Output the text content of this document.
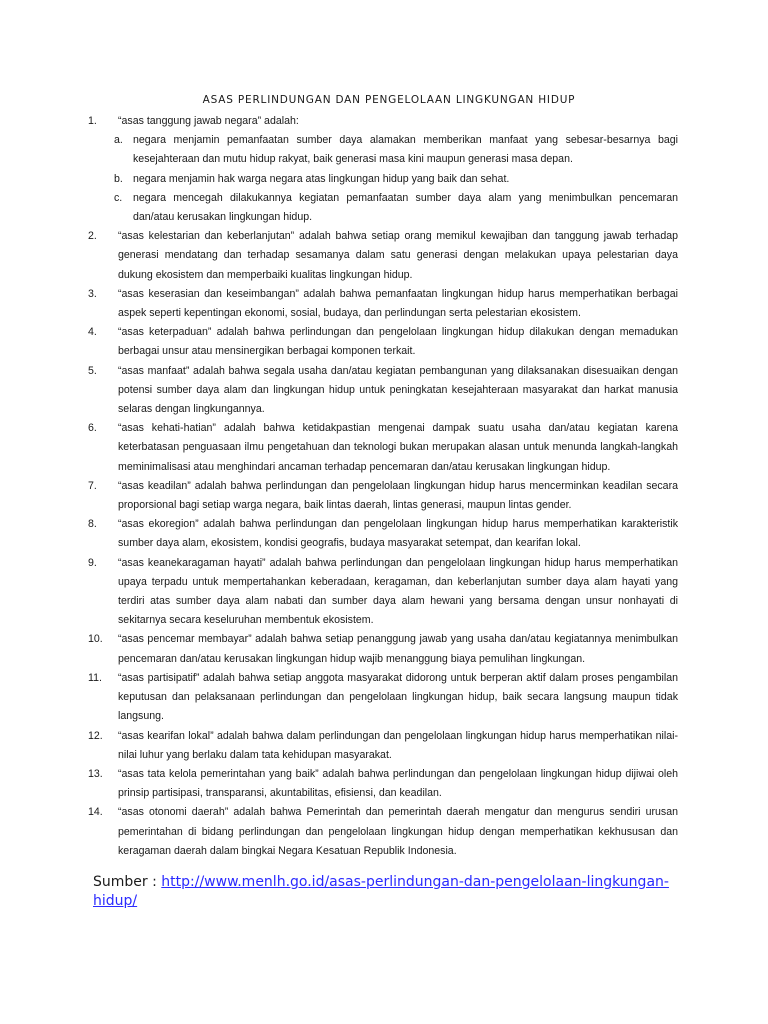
ASAS PERLINDUNGAN DAN PENGELOLAAN LINGKUNGAN HIDUP
1. “asas tanggung jawab negara” adalah:
a. negara menjamin pemanfaatan sumber daya alamakan memberikan manfaat yang sebesar-besarnya bagi kesejahteraan dan mutu hidup rakyat, baik generasi masa kini maupun generasi masa depan.
b. negara menjamin hak warga negara atas lingkungan hidup yang baik dan sehat.
c. negara mencegah dilakukannya kegiatan pemanfaatan sumber daya alam yang menimbulkan pencemaran dan/atau kerusakan lingkungan hidup.
2. “asas kelestarian dan keberlanjutan” adalah bahwa setiap orang memikul kewajiban dan tanggung jawab terhadap generasi mendatang dan terhadap sesamanya dalam satu generasi dengan melakukan upaya pelestarian daya dukung ekosistem dan memperbaiki kualitas lingkungan hidup.
3. “asas keserasian dan keseimbangan” adalah bahwa pemanfaatan lingkungan hidup harus memperhatikan berbagai aspek seperti kepentingan ekonomi, sosial, budaya, dan perlindungan serta pelestarian ekosistem.
4. “asas keterpaduan” adalah bahwa perlindungan dan pengelolaan lingkungan hidup dilakukan dengan memadukan berbagai unsur atau mensinergikan berbagai komponen terkait.
5. “asas manfaat” adalah bahwa segala usaha dan/atau kegiatan pembangunan yang dilaksanakan disesuaikan dengan potensi sumber daya alam dan lingkungan hidup untuk peningkatan kesejahteraan masyarakat dan harkat manusia selaras dengan lingkungannya.
6. “asas kehati-hatian” adalah bahwa ketidakpastian mengenai dampak suatu usaha dan/atau kegiatan karena keterbatasan penguasaan ilmu pengetahuan dan teknologi bukan merupakan alasan untuk menunda langkah-langkah meminimalisasi atau menghindari ancaman terhadap pencemaran dan/atau kerusakan lingkungan hidup.
7. “asas keadilan” adalah bahwa perlindungan dan pengelolaan lingkungan hidup harus mencerminkan keadilan secara proporsional bagi setiap warga negara, baik lintas daerah, lintas generasi, maupun lintas gender.
8. “asas ekoregion” adalah bahwa perlindungan dan pengelolaan lingkungan hidup harus memperhatikan karakteristik sumber daya alam, ekosistem, kondisi geografis, budaya masyarakat setempat, dan kearifan lokal.
9. “asas keanekaragaman hayati” adalah bahwa perlindungan dan pengelolaan lingkungan hidup harus memperhatikan upaya terpadu untuk mempertahankan keberadaan, keragaman, dan keberlanjutan sumber daya alam hayati yang terdiri atas sumber daya alam nabati dan sumber daya alam hewani yang bersama dengan unsur nonhayati di sekitarnya secara keseluruhan membentuk ekosistem.
10. “asas pencemar membayar” adalah bahwa setiap penanggung jawab yang usaha dan/atau kegiatannya menimbulkan pencemaran dan/atau kerusakan lingkungan hidup wajib menanggung biaya pemulihan lingkungan.
11. “asas partisipatif” adalah bahwa setiap anggota masyarakat didorong untuk berperan aktif dalam proses pengambilan keputusan dan pelaksanaan perlindungan dan pengelolaan lingkungan hidup, baik secara langsung maupun tidak langsung.
12. “asas kearifan lokal” adalah bahwa dalam perlindungan dan pengelolaan lingkungan hidup harus memperhatikan nilai-nilai luhur yang berlaku dalam tata kehidupan masyarakat.
13. “asas tata kelola pemerintahan yang baik” adalah bahwa perlindungan dan pengelolaan lingkungan hidup dijiwai oleh prinsip partisipasi, transparansi, akuntabilitas, efisiensi, dan keadilan.
14. “asas otonomi daerah” adalah bahwa Pemerintah dan pemerintah daerah mengatur dan mengurus sendiri urusan pemerintahan di bidang perlindungan dan pengelolaan lingkungan hidup dengan memperhatikan kekhususan dan keragaman daerah dalam bingkai Negara Kesatuan Republik Indonesia.
Sumber : http://www.menlh.go.id/asas-perlindungan-dan-pengelolaan-lingkungan-hidup/
